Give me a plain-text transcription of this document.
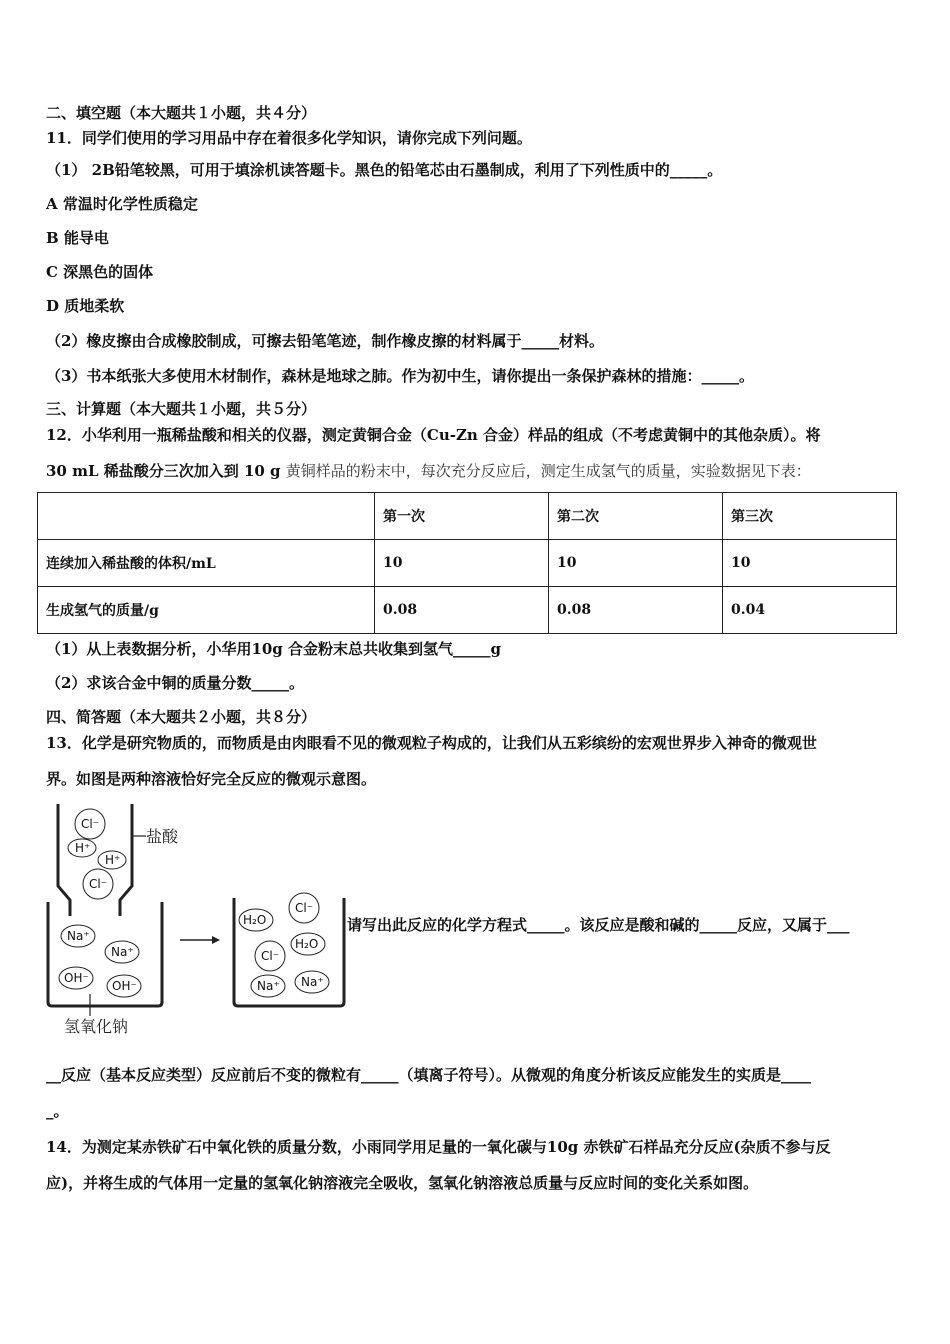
二、填空题（本大题共１小题，共４分）
11．同学们使用的学习用品中存在着很多化学知识，请你完成下列问题。
（1） 2B铅笔较黑，可用于填涂机读答题卡。黑色的铅笔芯由石墨制成，利用了下列性质中的_____。
A 常温时化学性质稳定
B 能导电
C 深黑色的固体
D 质地柔软
（2）橡皮擦由合成橡胶制成，可擦去铅笔笔迹，制作橡皮擦的材料属于_____材料。
（3）书本纸张大多使用木材制作，森林是地球之肺。作为初中生，请你提出一条保护森林的措施：_____。
三、计算题（本大题共１小题，共５分）
12．小华利用一瓶稀盐酸和相关的仪器，测定黄铜合金（Cu-Zn 合金）样品的组成（不考虑黄铜中的其他杂质）。将
30 mL 稀盐酸分三次加入到 10 g 黄铜样品的粉末中，每次充分反应后，测定生成氢气的质量，实验数据见下表：
	第一次	第二次	第三次
连续加入稀盐酸的体积/mL	10	10	10
生成氢气的质量/g	0.08	0.08	0.04
（1）从上表数据分析，小华用10g 合金粉末总共收集到氢气_____g
（2）求该合金中铜的质量分数_____。
四、简答题（本大题共２小题，共８分）
13．化学是研究物质的，而物质是由肉眼看不见的微观粒子构成的，让我们从五彩缤纷的宏观世界步入神奇的微观世
界。如图是两种溶液恰好完全反应的微观示意图。
盐酸
Cl⁻
H⁺
H⁺
Cl⁻
Na⁺
Na⁺
OH⁻
OH⁻
氢氧化钠
H₂O
Cl⁻
Cl⁻
H₂O
Na⁺ Na⁺
请写出此反应的化学方程式_____。该反应是酸和碱的_____反应，又属于___
__反应（基本反应类型）反应前后不变的微粒有_____（填离子符号）。从微观的角度分析该反应能发生的实质是____
_。
14．为测定某赤铁矿石中氧化铁的质量分数，小雨同学用足量的一氧化碳与10g 赤铁矿石样品充分反应(杂质不参与反
应)，并将生成的气体用一定量的氢氧化钠溶液完全吸收，氢氧化钠溶液总质量与反应时间的变化关系如图。
